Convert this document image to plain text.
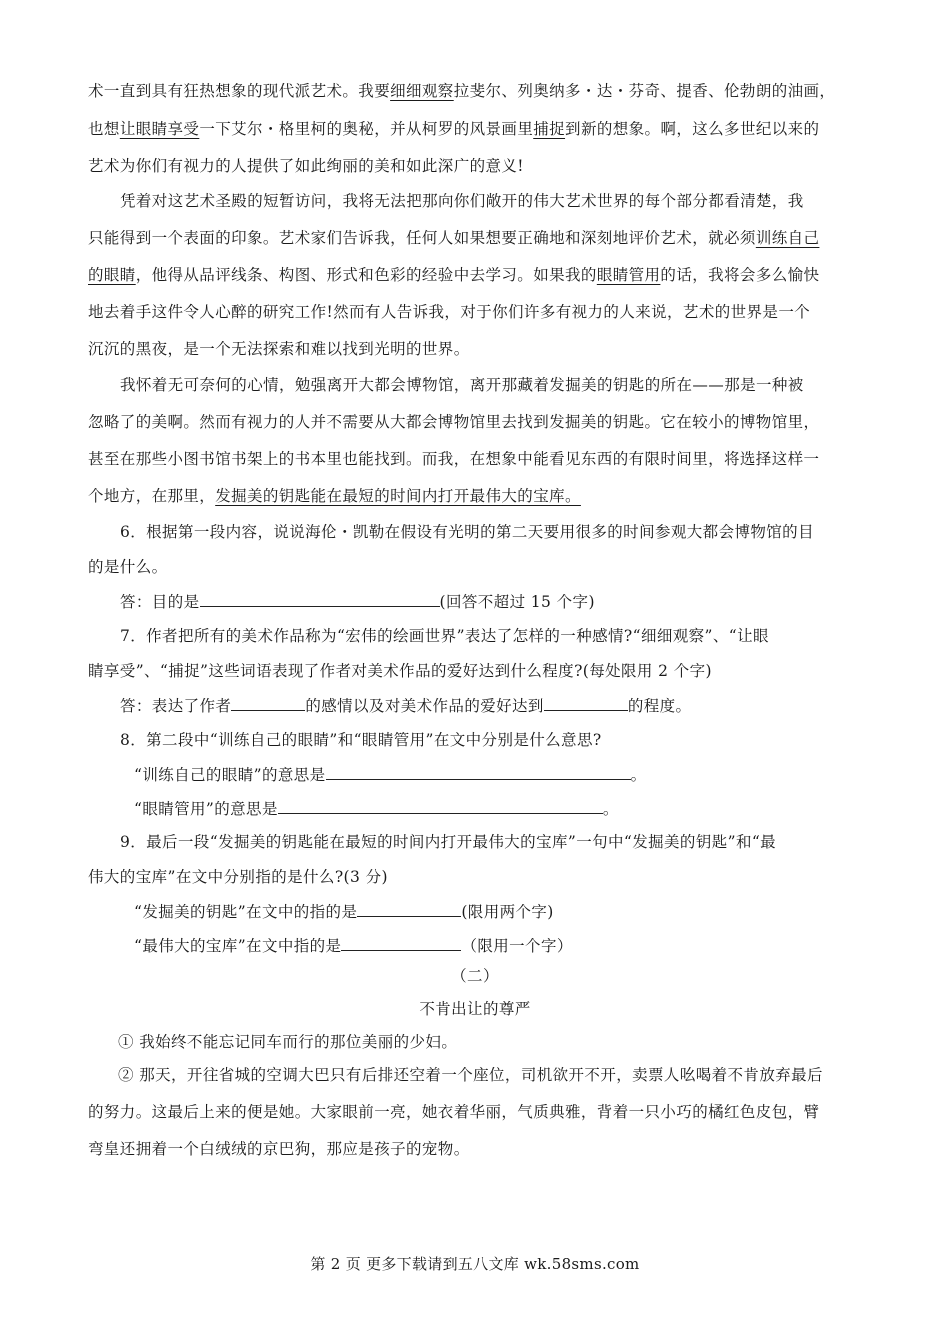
术一直到具有狂热想象的现代派艺术。我要细细观察拉斐尔、列奥纳多・达・芬奇、提香、伦勃朗的油画，
也想让眼睛享受一下艾尔・格里柯的奥秘，并从柯罗的风景画里捕捉到新的想象。啊，这么多世纪以来的
艺术为你们有视力的人提供了如此绚丽的美和如此深广的意义!
凭着对这艺术圣殿的短暂访问，我将无法把那向你们敞开的伟大艺术世界的每个部分都看清楚，我
只能得到一个表面的印象。艺术家们告诉我，任何人如果想要正确地和深刻地评价艺术，就必须训练自己
的眼睛，他得从品评线条、构图、形式和色彩的经验中去学习。如果我的眼睛管用的话，我将会多么愉快
地去着手这件令人心醉的研究工作!然而有人告诉我，对于你们许多有视力的人来说，艺术的世界是一个
沉沉的黑夜，是一个无法探索和难以找到光明的世界。
我怀着无可奈何的心情，勉强离开大都会博物馆，离开那藏着发掘美的钥匙的所在——那是一种被
忽略了的美啊。然而有视力的人并不需要从大都会博物馆里去找到发掘美的钥匙。它在较小的博物馆里，
甚至在那些小图书馆书架上的书本里也能找到。而我，在想象中能看见东西的有限时间里，将选择这样一
个地方，在那里，发掘美的钥匙能在最短的时间内打开最伟大的宝库。
6．根据第一段内容，说说海伦・凯勒在假设有光明的第二天要用很多的时间参观大都会博物馆的目
的是什么。
答：目的是	(回答不超过 15 个字)
7．作者把所有的美术作品称为“宏伟的绘画世界”表达了怎样的一种感情?“细细观察”、“让眼
睛享受”、“捕捉”这些词语表现了作者对美术作品的爱好达到什么程度?(每处限用 2 个字)
答：表达了作者	的感情以及对美术作品的爱好达到	的程度。
8．第二段中“训练自己的眼睛”和“眼睛管用”在文中分别是什么意思?
“训练自己的眼睛”的意思是	。
“眼睛管用”的意思是	。
9．最后一段“发掘美的钥匙能在最短的时间内打开最伟大的宝库”一句中“发掘美的钥匙”和“最
伟大的宝库”在文中分别指的是什么?(3 分)
“发掘美的钥匙”在文中的指的是	(限用两个字)
“最伟大的宝库”在文中指的是	（限用一个字）
（二）
不肯出让的尊严
① 我始终不能忘记同车而行的那位美丽的少妇。
② 那天，开往省城的空调大巴只有后排还空着一个座位，司机欲开不开，卖票人吆喝着不肯放弃最后
的努力。这最后上来的便是她。大家眼前一亮，她衣着华丽，气质典雅，背着一只小巧的橘红色皮包，臂
弯皇还拥着一个白绒绒的京巴狗，那应是孩子的宠物。
第 2 页 更多下载请到五八文库 wk.58sms.com
